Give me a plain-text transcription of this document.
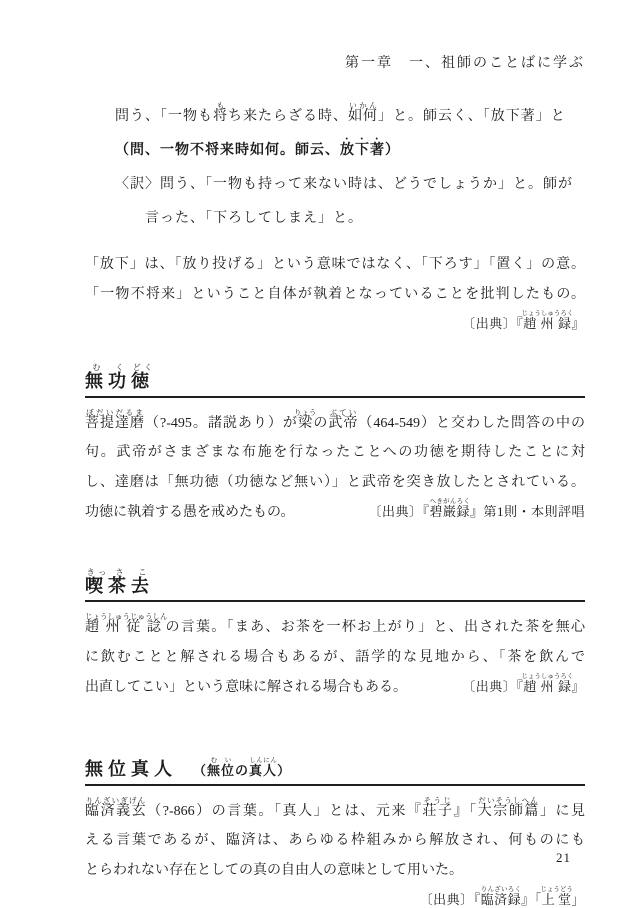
第一章　一、祖師のことばに学ぶ
問う、「一物も将もち来たらざる時、如何いかん」と。師云く、「放下著」と
（問、一物不将来時如何。師云、放下著）
〈訳〉問う、「一物も持って来ない時は、どうでしょうか」と。師が
言った、「下ろしてしまえ」と。
「放下」は、「放り投げる」という意味ではなく、「下ろす」「置く」の意。
「一物不将来」ということ自体が執着となっていることを批判したもの。
〔出典〕『趙州録じょうしゅうろく』
無む功く徳どく
菩提達磨ぼだいだるま（?-495。諸説あり）が梁りょうの武帝ぶてい（464-549）と交わした問答の中の
句。武帝がさまざまな布施を行なったことへの功徳を期待したことに対
し、達磨は「無功徳（功徳など無い）」と武帝を突き放したとされている。
功徳に執着する愚を戒めたもの。	〔出典〕『碧巌録へきがんろく』第1則・本則評唱
喫きっ茶さ去こ
趙州従諗じょうしゅうじゅうしんの言葉。「まあ、お茶を一杯お上がり」と、出された茶を無心
に飲むことと解される場合もあるが、語学的な見地から、「茶を飲んで
出直してこい」という意味に解される場合もある。	〔出典〕『趙州録じょうしゅうろく』
無位真人 （無位むいの真人しんにん）
臨済義玄りんざいぎげん（?-866）の言葉。「真人」とは、元来『荘子そうじ』「大宗師篇だいそうしへん」に見
える言葉であるが、臨済は、あらゆる枠組みから解放され、何ものにも
とらわれない存在としての真の自由人の意味として用いた。
〔出典〕『臨済録りんざいろく』「上堂じょうどう」
21
